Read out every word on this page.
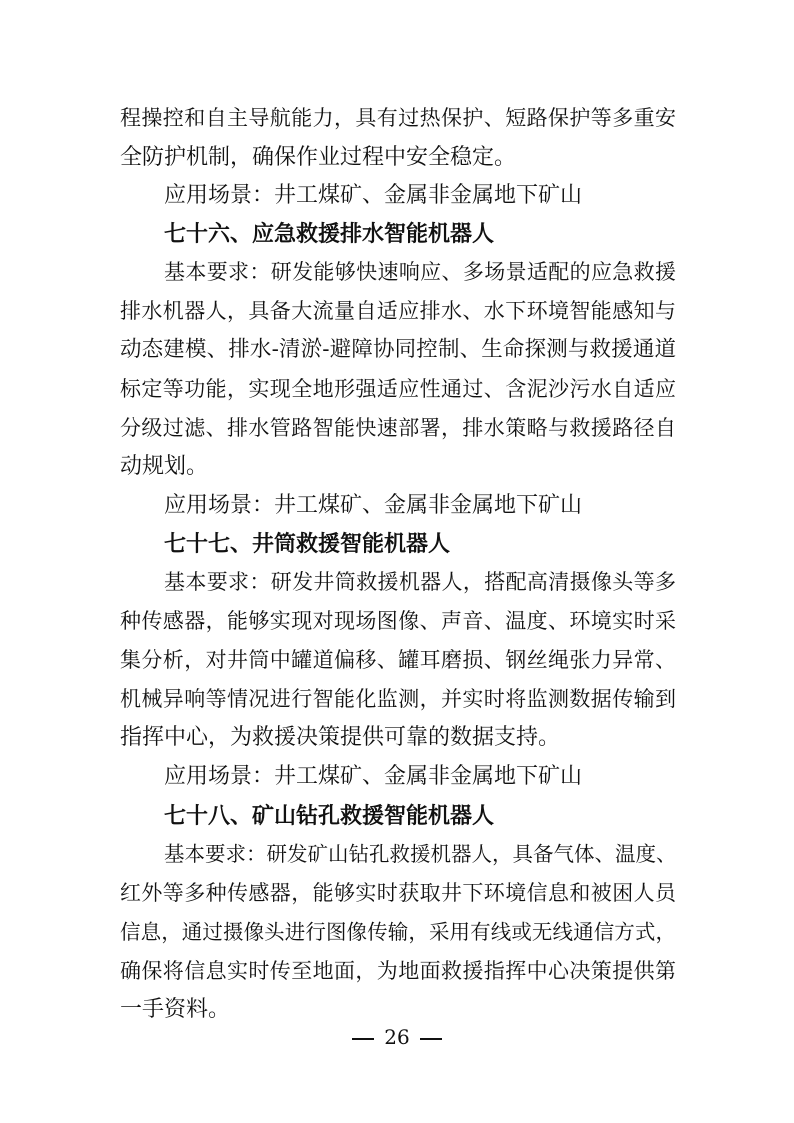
程操控和自主导航能力，具有过热保护、短路保护等多重安
全防护机制，确保作业过程中安全稳定。
应用场景：井工煤矿、金属非金属地下矿山
七十六、应急救援排水智能机器人
基本要求：研发能够快速响应、多场景适配的应急救援
排水机器人，具备大流量自适应排水、水下环境智能感知与
动态建模、排水-清淤-避障协同控制、生命探测与救援通道
标定等功能，实现全地形强适应性通过、含泥沙污水自适应
分级过滤、排水管路智能快速部署，排水策略与救援路径自
动规划。
应用场景：井工煤矿、金属非金属地下矿山
七十七、井筒救援智能机器人
基本要求：研发井筒救援机器人，搭配高清摄像头等多
种传感器，能够实现对现场图像、声音、温度、环境实时采
集分析，对井筒中罐道偏移、罐耳磨损、钢丝绳张力异常、
机械异响等情况进行智能化监测，并实时将监测数据传输到
指挥中心，为救援决策提供可靠的数据支持。
应用场景：井工煤矿、金属非金属地下矿山
七十八、矿山钻孔救援智能机器人
基本要求：研发矿山钻孔救援机器人，具备气体、温度、
红外等多种传感器，能够实时获取井下环境信息和被困人员
信息，通过摄像头进行图像传输，采用有线或无线通信方式，
确保将信息实时传至地面，为地面救援指挥中心决策提供第
一手资料。
26
